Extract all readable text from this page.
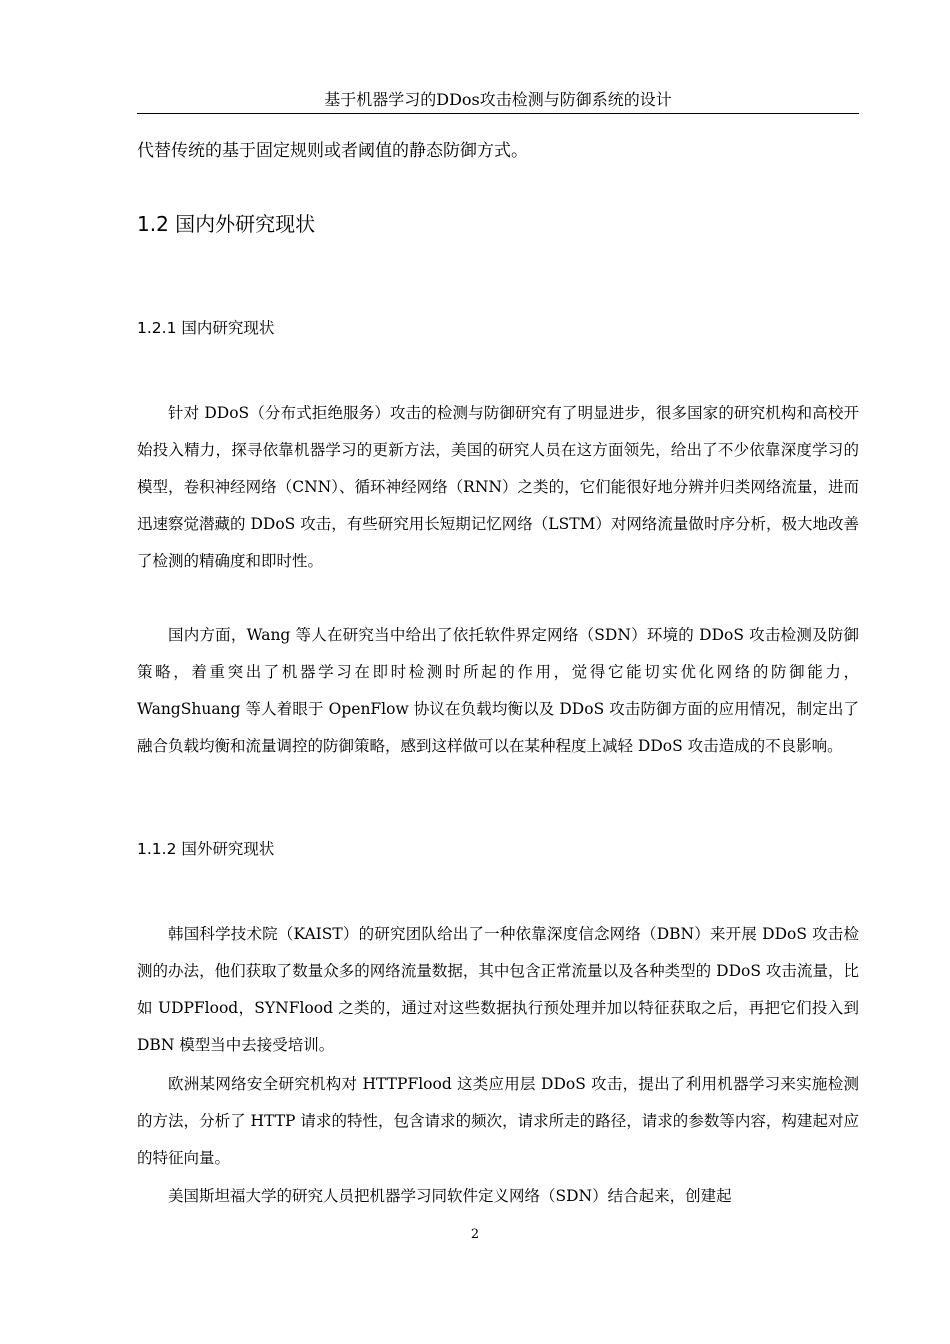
基于机器学习的DDos攻击检测与防御系统的设计
代替传统的基于固定规则或者阈值的静态防御方式。
1.2 国内外研究现状
1.2.1 国内研究现状

针对 DDoS（分布式拒绝服务）攻击的检测与防御研究有了明显进步，很多国家的研究机构和高校开始投入精力，探寻依靠机器学习的更新方法，美国的研究人员在这方面领先，给出了不少依靠深度学习的模型，卷积神经网络（CNN）、循环神经网络（RNN）之类的，它们能很好地分辨并归类网络流量，进而迅速察觉潜藏的 DDoS 攻击，有些研究用长短期记忆网络（LSTM）对网络流量做时序分析，极大地改善了检测的精确度和即时性。

国内方面，Wang 等人在研究当中给出了依托软件界定网络（SDN）环境的 DDoS 攻击检测及防御策略，着重突出了机器学习在即时检测时所起的作用，觉得它能切实优化网络的防御能力，WangShuang 等人着眼于 OpenFlow 协议在负载均衡以及 DDoS 攻击防御方面的应用情况，制定出了融合负载均衡和流量调控的防御策略，感到这样做可以在某种程度上减轻 DDoS 攻击造成的不良影响。

1.1.2 国外研究现状

韩国科学技术院（KAIST）的研究团队给出了一种依靠深度信念网络（DBN）来开展 DDoS 攻击检测的办法，他们获取了数量众多的网络流量数据，其中包含正常流量以及各种类型的 DDoS 攻击流量，比如 UDPFlood，SYNFlood 之类的，通过对这些数据执行预处理并加以特征获取之后，再把它们投入到 DBN 模型当中去接受培训。

欧洲某网络安全研究机构对 HTTPFlood 这类应用层 DDoS 攻击，提出了利用机器学习来实施检测的方法，分析了 HTTP 请求的特性，包含请求的频次，请求所走的路径，请求的参数等内容，构建起对应的特征向量。

美国斯坦福大学的研究人员把机器学习同软件定义网络（SDN）结合起来，创建起

2
